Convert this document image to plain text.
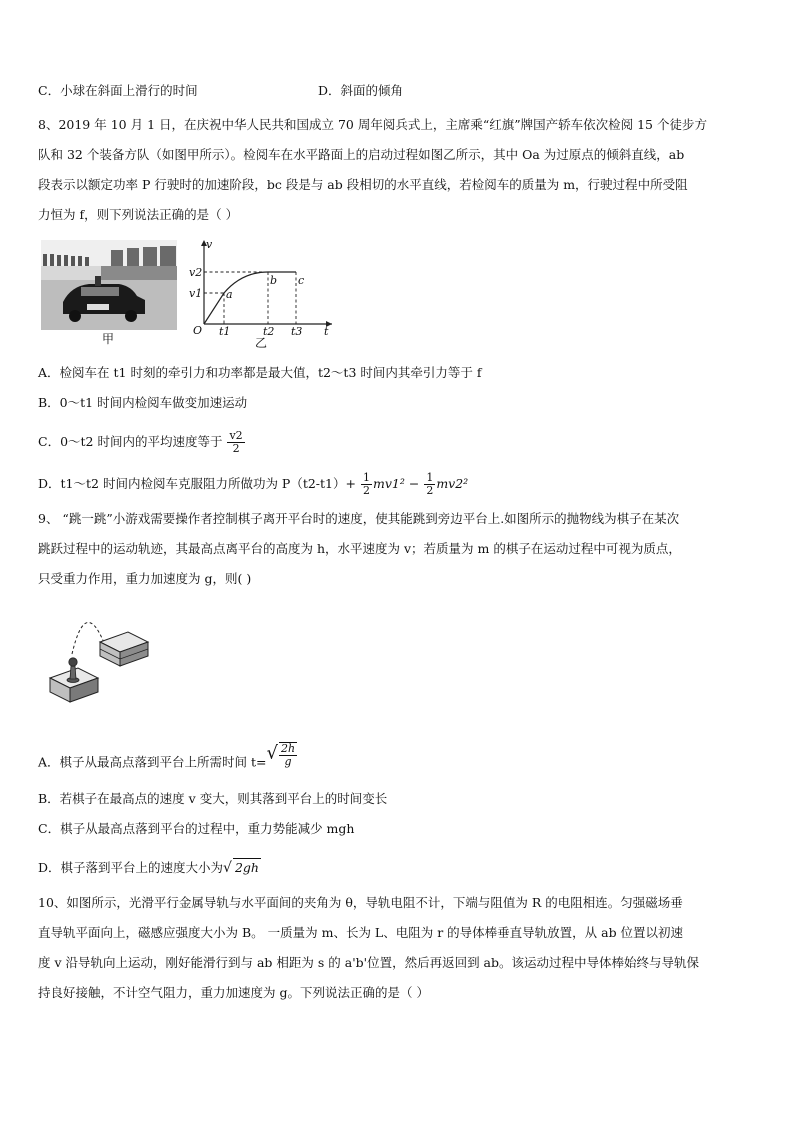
C．小球在斜面上滑行的时间	D．斜面的倾角
8、2019 年 10 月 1 日，在庆祝中华人民共和国成立 70 周年阅兵式上，主席乘“红旗”牌国产轿车依次检阅 15 个徒步方
队和 32 个装备方队（如图甲所示）。检阅车在水平路面上的启动过程如图乙所示，其中 Oa 为过原点的倾斜直线，ab
段表示以额定功率 P 行驶时的加速阶段，bc 段是与 ab 段相切的水平直线，若检阅车的质量为 m，行驶过程中所受阻
力恒为 f，则下列说法正确的是（ ）
甲
v
t
O
v2
v1
t1	t2 t3
a
b c
乙
A．检阅车在 t1 时刻的牵引力和功率都是最大值，t2～t3 时间内其牵引力等于 f
B．0～t1 时间内检阅车做变加速运动
C．0～t2 时间内的平均速度等于 $\frac{v2}{2}$
D．t1～t2 时间内检阅车克服阻力所做功为 $P(t2-t1)+ \frac{1}{2} mv1^2 - \frac{1}{2} mv2^2$
9、 “跳一跳”小游戏需要操作者控制棋子离开平台时的速度，使其能跳到旁边平台上.如图所示的抛物线为棋子在某次
跳跃过程中的运动轨迹，其最高点离平台的高度为 h，水平速度为 v；若质量为 m 的棋子在运动过程中可视为质点，
只受重力作用，重力加速度为 g，则( )
A．棋子从最高点落到平台上所需时间 $t=√ \frac{2h}{g}$
B．若棋子在最高点的速度 v 变大，则其落到平台上的时间变长
C．棋子从最高点落到平台的过程中，重力势能减少 mgh
D．棋子落到平台上的速度大小为√ 2gh
10、如图所示，光滑平行金属导轨与水平面间的夹角为 θ，导轨电阻不计，下端与阻值为 R 的电阻相连。匀强磁场垂
直导轨平面向上，磁感应强度大小为 B。 一质量为 m、长为 L、电阻为 r 的导体棒垂直导轨放置，从 ab 位置以初速
度 v 沿导轨向上运动，刚好能滑行到与 ab 相距为 s 的 a'b'位置，然后再返回到 ab。该运动过程中导体棒始终与导轨保
持良好接触，不计空气阻力，重力加速度为 g。下列说法正确的是（ ）
